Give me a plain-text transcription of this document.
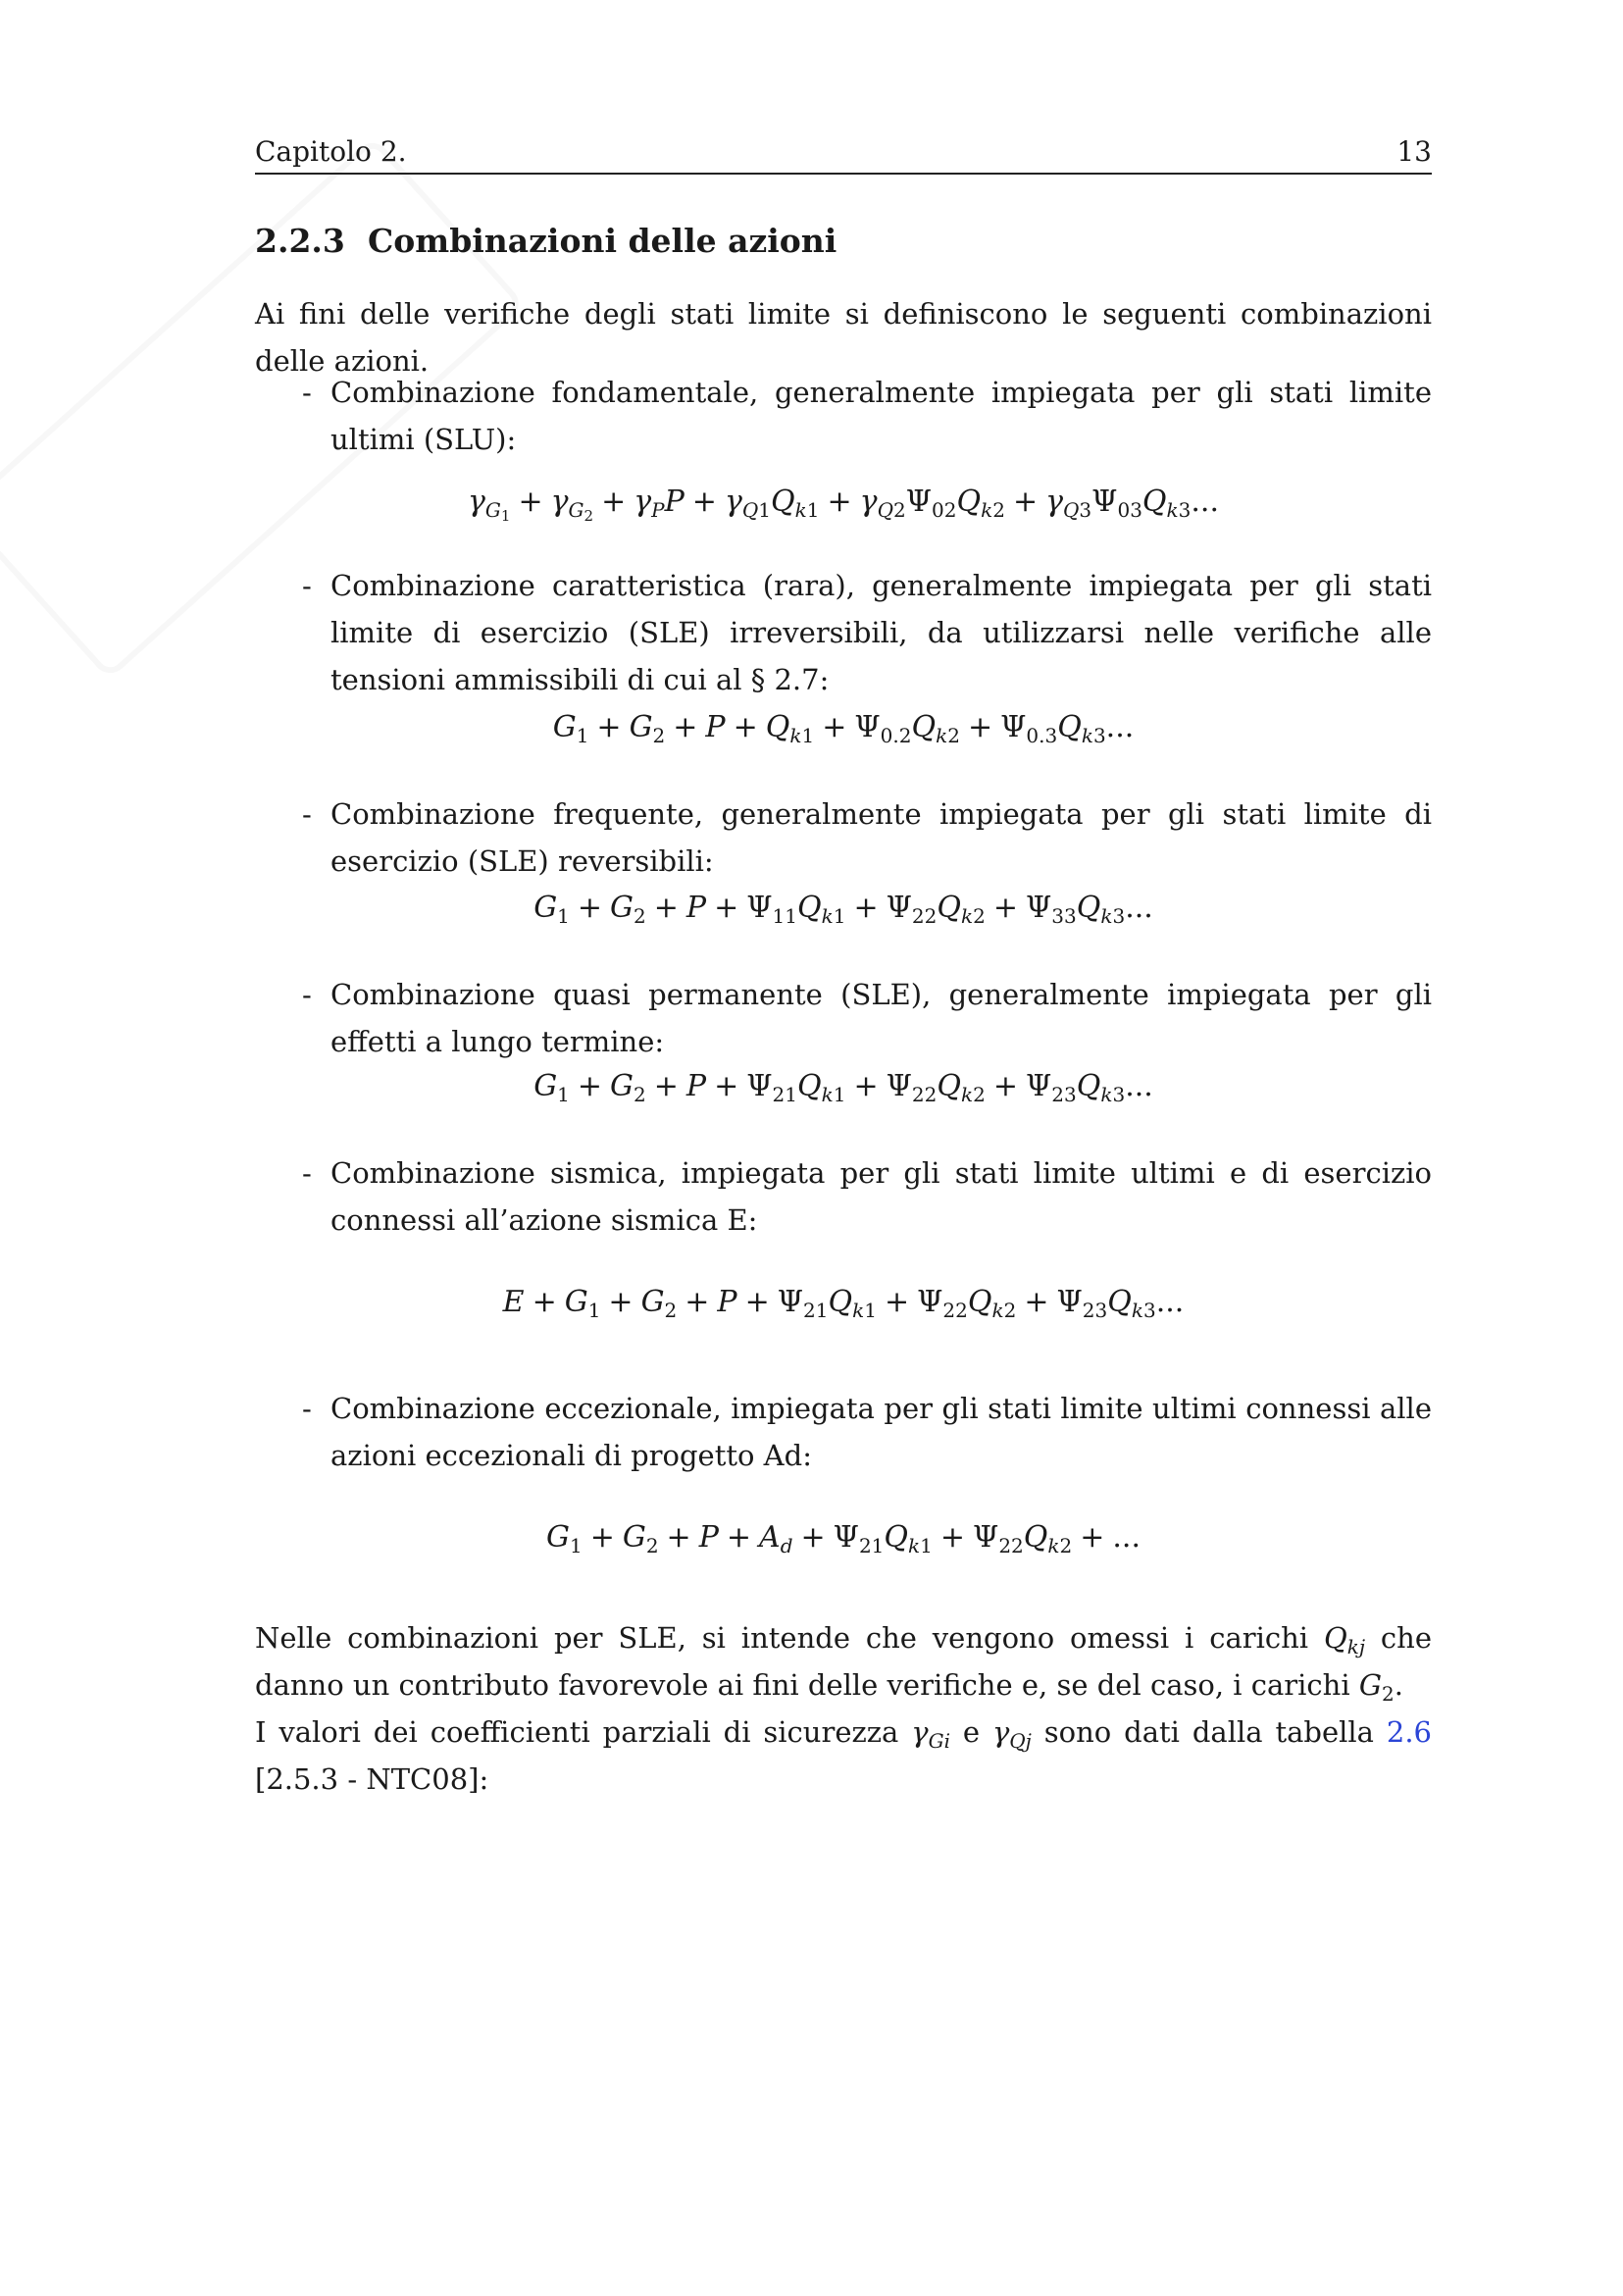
Capitolo 2.	13
2.2.3 Combinazioni delle azioni
Ai fini delle verifiche degli stati limite si definiscono le seguenti combinazioni delle azioni.
- Combinazione fondamentale, generalmente impiegata per gli stati limite ultimi (SLU):
$\gamma_{G_1} + \gamma_{G_2} + \gamma_PP + \gamma_{Q1}Q_{k1} + \gamma_{Q2}\Psi_{02}Q_{k2} + \gamma_{Q3}\Psi_{03}Q_{k3}$...
- Combinazione caratteristica (rara), generalmente impiegata per gli stati limite di esercizio (SLE) irreversibili, da utilizzarsi nelle verifiche alle tensioni ammissibili di cui al § 2.7:
$G_1 + G_2 + P + Q_{k1} + \Psi_{0.2}Q_{k2} + \Psi_{0.3}Q_{k3}$...
- Combinazione frequente, generalmente impiegata per gli stati limite di esercizio (SLE) reversibili:
$G_1 + G_2 + P + \Psi_{11}Q_{k1} + \Psi_{22}Q_{k2} + \Psi_{33}Q_{k3}$...
- Combinazione quasi permanente (SLE), generalmente impiegata per gli effetti a lungo termine:
$G_1 + G_2 + P + \Psi_{21}Q_{k1} + \Psi_{22}Q_{k2} + \Psi_{23}Q_{k3}$...
- Combinazione sismica, impiegata per gli stati limite ultimi e di esercizio connessi all’azione sismica E:
$E + G_1 + G_2 + P + \Psi_{21}Q_{k1} + \Psi_{22}Q_{k2} + \Psi_{23}Q_{k3}$...
- Combinazione eccezionale, impiegata per gli stati limite ultimi connessi alle azioni eccezionali di progetto Ad:
$G_1 + G_2 + P + A_d + \Psi_{21}Q_{k1} + \Psi_{22}Q_{k2}$ + ...
Nelle combinazioni per SLE, si intende che vengono omessi i carichi $Q_{kj}$ che danno un contributo favorevole ai fini delle verifiche e, se del caso, i carichi $G_2$.
I valori dei coefficienti parziali di sicurezza $\gamma_{Gi}$ e $\gamma_{Qj}$ sono dati dalla tabella 2.6 [2.5.3 - NTC08]:
